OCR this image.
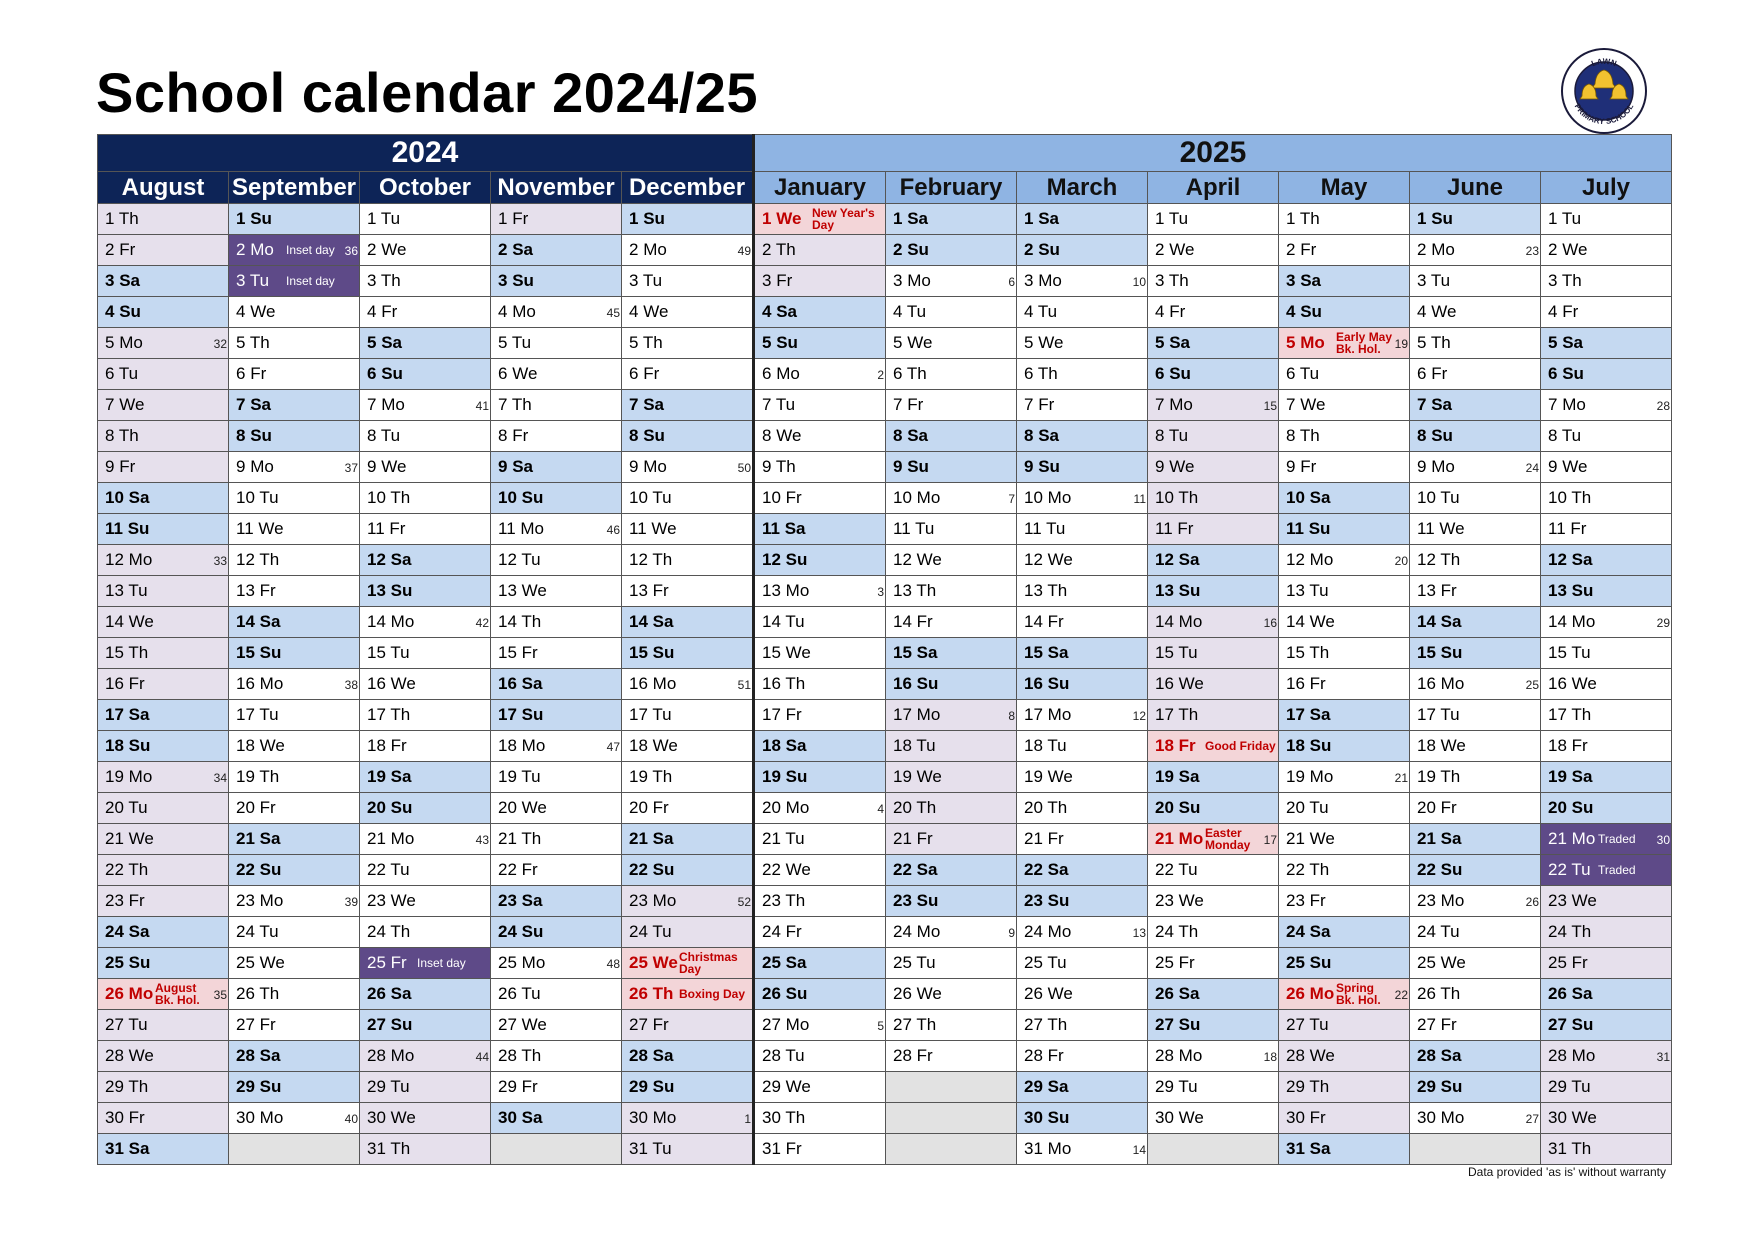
School calendar 2024/25	LAWN
PRIMARY SCHOOL
2024					2025						
August	September	October	November	December	January	February	March	April	May	June	July

1 Th	1 Su	1 Tu	1 Fr	1 Su	1 We New Year's
Day	1 Sa	1 Sa	1 Tu	1 Th	1 Su	1 Tu

2 Fr	2 Mo Inset day 36	2 We	2 Sa	2 Mo 49	2 Th	2 Su	2 Su	2 We	2 Fr	2 Mo 23	2 We

3 Sa	3 Tu Inset day	3 Th	3 Su	3 Tu	3 Fr	3 Mo 6	3 Mo 10	3 Th	3 Sa	3 Tu	3 Th

4 Su	4 We	4 Fr	4 Mo 45	4 We	4 Sa	4 Tu	4 Tu	4 Fr	4 Su	4 We	4 Fr

5 Mo 32	5 Th	5 Sa	5 Tu	5 Th	5 Su	5 We	5 We	5 Sa	5 Mo Early May
Bk. Hol. 19	5 Th	5 Sa

6 Tu	6 Fr	6 Su	6 We	6 Fr	6 Mo 2	6 Th	6 Th	6 Su	6 Tu	6 Fr	6 Su

7 We	7 Sa	7 Mo 41	7 Th	7 Sa	7 Tu	7 Fr	7 Fr	7 Mo 15	7 We	7 Sa	7 Mo 28

8 Th	8 Su	8 Tu	8 Fr	8 Su	8 We	8 Sa	8 Sa	8 Tu	8 Th	8 Su	8 Tu

9 Fr	9 Mo 37	9 We	9 Sa	9 Mo 50	9 Th	9 Su	9 Su	9 We	9 Fr	9 Mo 24	9 We

10 Sa	10 Tu	10 Th	10 Su	10 Tu	10 Fr	10 Mo 7	10 Mo 11	10 Th	10 Sa	10 Tu	10 Th

11 Su	11 We	11 Fr	11 Mo 46	11 We	11 Sa	11 Tu	11 Tu	11 Fr	11 Su	11 We	11 Fr

12 Mo 33	12 Th	12 Sa	12 Tu	12 Th	12 Su	12 We	12 We	12 Sa	12 Mo 20	12 Th	12 Sa

13 Tu	13 Fr	13 Su	13 We	13 Fr	13 Mo 3	13 Th	13 Th	13 Su	13 Tu	13 Fr	13 Su

14 We	14 Sa	14 Mo 42	14 Th	14 Sa	14 Tu	14 Fr	14 Fr	14 Mo 16	14 We	14 Sa	14 Mo 29

15 Th	15 Su	15 Tu	15 Fr	15 Su	15 We	15 Sa	15 Sa	15 Tu	15 Th	15 Su	15 Tu

16 Fr	16 Mo 38	16 We	16 Sa	16 Mo 51	16 Th	16 Su	16 Su	16 We	16 Fr	16 Mo 25	16 We

17 Sa	17 Tu	17 Th	17 Su	17 Tu	17 Fr	17 Mo 8	17 Mo 12	17 Th	17 Sa	17 Tu	17 Th

18 Su	18 We	18 Fr	18 Mo 47	18 We	18 Sa	18 Tu	18 Tu	18 Fr Good Friday	18 Su	18 We	18 Fr

19 Mo 34	19 Th	19 Sa	19 Tu	19 Th	19 Su	19 We	19 We	19 Sa	19 Mo 21	19 Th	19 Sa

20 Tu	20 Fr	20 Su	20 We	20 Fr	20 Mo 4	20 Th	20 Th	20 Su	20 Tu	20 Fr	20 Su

21 We	21 Sa	21 Mo 43	21 Th	21 Sa	21 Tu	21 Fr	21 Fr	21 Mo Easter
Monday 17	21 We	21 Sa	21 Mo Traded 30

22 Th	22 Su	22 Tu	22 Fr	22 Su	22 We	22 Sa	22 Sa	22 Tu	22 Th	22 Su	22 Tu Traded

23 Fr	23 Mo 39	23 We	23 Sa	23 Mo 52	23 Th	23 Su	23 Su	23 We	23 Fr	23 Mo 26	23 We

24 Sa	24 Tu	24 Th	24 Su	24 Tu	24 Fr	24 Mo 9	24 Mo 13	24 Th	24 Sa	24 Tu	24 Th

25 Su	25 We	25 Fr Inset day	25 Mo 48	25 We Christmas
Day	25 Sa	25 Tu	25 Tu	25 Fr	25 Su	25 We	25 Fr

26 Mo August
Bk. Hol. 35	26 Th	26 Sa	26 Tu	26 Th Boxing Day	26 Su	26 We	26 We	26 Sa	26 Mo Spring
Bk. Hol. 22	26 Th	26 Sa

27 Tu	27 Fr	27 Su	27 We	27 Fr	27 Mo 5	27 Th	27 Th	27 Su	27 Tu	27 Fr	27 Su

28 We	28 Sa	28 Mo 44	28 Th	28 Sa	28 Tu	28 Fr	28 Fr	28 Mo 18	28 We	28 Sa	28 Mo 31

29 Th	29 Su	29 Tu	29 Fr	29 Su	29 We		29 Sa	29 Tu	29 Th	29 Su	29 Tu

30 Fr	30 Mo 40	30 We	30 Sa	30 Mo 1	30 Th		30 Su	30 We	30 Fr	30 Mo 27	30 We

31 Sa		31 Th		31 Tu	31 Fr		31 Mo 14		31 Sa		31 Th
Data provided 'as is' without warranty
